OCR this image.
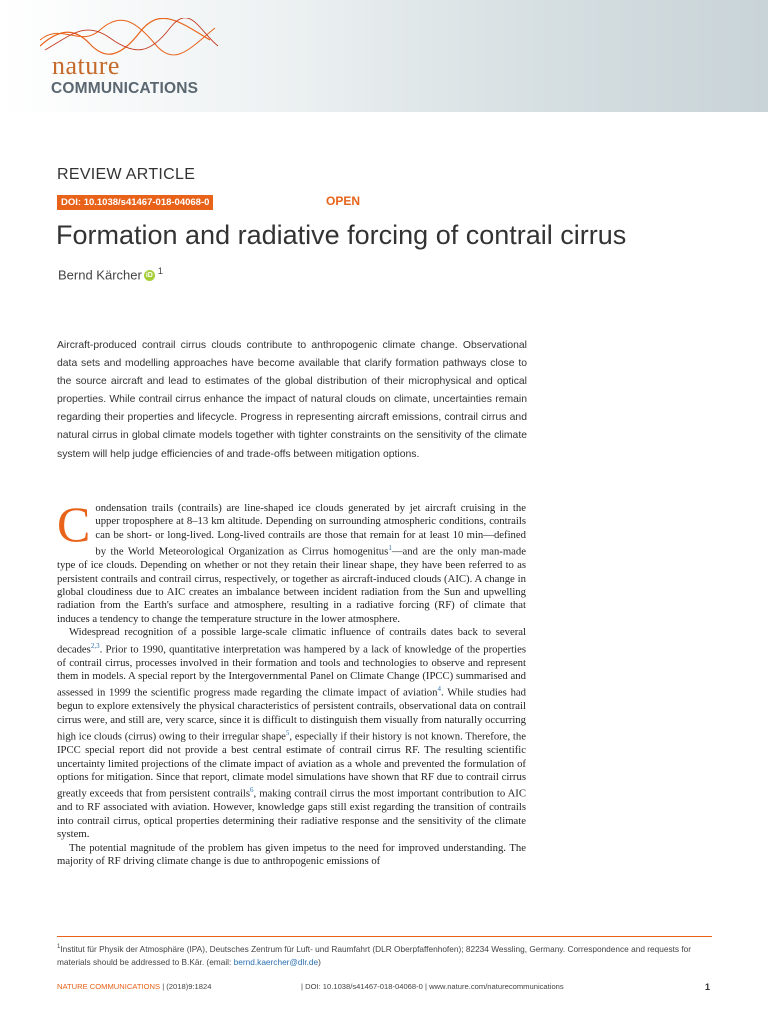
nature
COMMUNICATIONS
REVIEW ARTICLE
DOI: 10.1038/s41467-018-04068-0	OPEN
Formation and radiative forcing of contrail cirrus
Bernd Kärcher iD $^1$

Aircraft-produced contrail cirrus clouds contribute to anthropogenic climate change. Observational data sets and modelling approaches have become available that clarify formation pathways close to the source aircraft and lead to estimates of the global distribution of their microphysical and optical properties. While contrail cirrus enhance the impact of natural clouds on climate, uncertainties remain regarding their properties and lifecycle. Progress in representing aircraft emissions, contrail cirrus and natural cirrus in global climate models together with tighter constraints on the sensitivity of the climate system will help judge efficiencies of and trade-offs between mitigation options.

Condensation trails (contrails) are line-shaped ice clouds generated by jet aircraft cruising in the upper troposphere at 8–13 km altitude. Depending on surrounding atmospheric conditions, contrails can be short- or long-lived. Long-lived contrails are those that remain for at least 10 min—defined by the World Meteorological Organization as Cirrus homogenitus$^1$—and are the only man-made type of ice clouds. Depending on whether or not they retain their linear shape, they have been referred to as persistent contrails and contrail cirrus, respectively, or together as aircraft-induced clouds (AIC). A change in global cloudiness due to AIC creates an imbalance between incident radiation from the Sun and upwelling radiation from the Earth's surface and atmosphere, resulting in a radiative forcing (RF) of climate that induces a tendency to change the temperature structure in the lower atmosphere.

Widespread recognition of a possible large-scale climatic influence of contrails dates back to several decades$^{2,3}$. Prior to 1990, quantitative interpretation was hampered by a lack of knowledge of the properties of contrail cirrus, processes involved in their formation and tools and technologies to observe and represent them in models. A special report by the Intergovernmental Panel on Climate Change (IPCC) summarised and assessed in 1999 the scientific progress made regarding the climate impact of aviation$^4$. While studies had begun to explore extensively the physical characteristics of persistent contrails, observational data on contrail cirrus were, and still are, very scarce, since it is difficult to distinguish them visually from naturally occurring high ice clouds (cirrus) owing to their irregular shape$^5$, especially if their history is not known. Therefore, the IPCC special report did not provide a best central estimate of contrail cirrus RF. The resulting scientific uncertainty limited projections of the climate impact of aviation as a whole and prevented the formulation of options for mitigation. Since that report, climate model simulations have shown that RF due to contrail cirrus greatly exceeds that from persistent contrails$^6$, making contrail cirrus the most important contribution to AIC and to RF associated with aviation. However, knowledge gaps still exist regarding the transition of contrails into contrail cirrus, optical properties determining their radiative response and the sensitivity of the climate system.

The potential magnitude of the problem has given impetus to the need for improved understanding. The majority of RF driving climate change is due to anthropogenic emissions of

$^1$Institut für Physik der Atmosphäre (IPA), Deutsches Zentrum für Luft- und Raumfahrt (DLR Oberpfaffenhofen); 82234 Wessling, Germany. Correspondence and requests for materials should be addressed to B.Kär. (email: bernd.kaercher@dlr.de)

NATURE COMMUNICATIONS | (2018)9:1824	| DOI: 10.1038/s41467-018-04068-0 | www.nature.com/naturecommunications	1
